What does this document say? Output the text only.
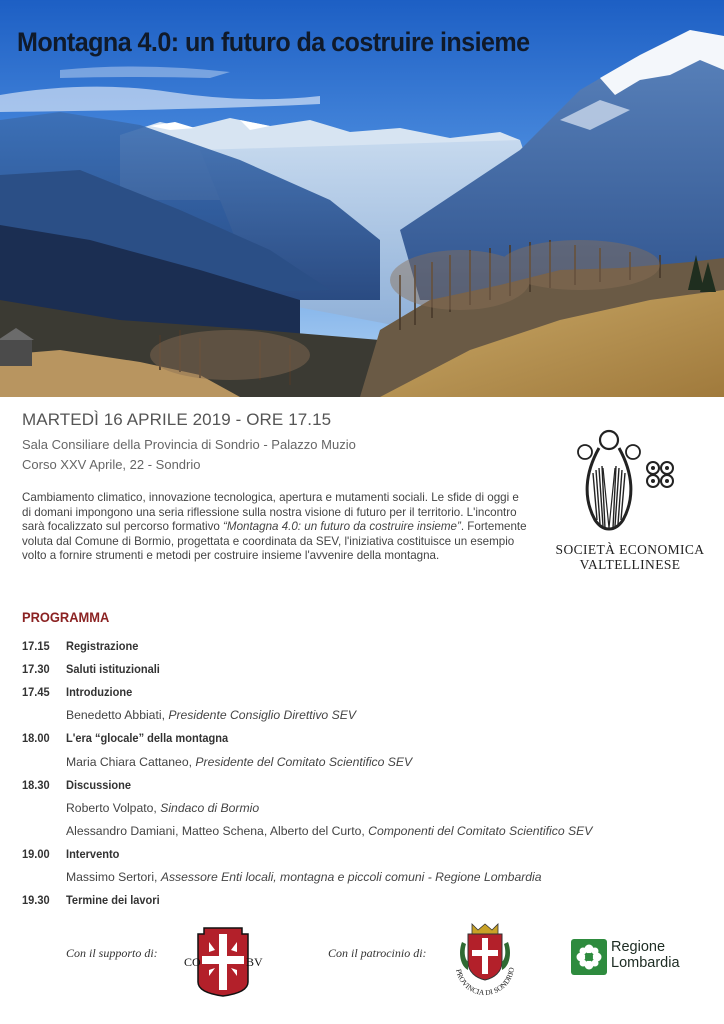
Montagna 4.0: un futuro da costruire insieme
MARTEDÌ 16 APRILE 2019 - ORE 17.15
Sala Consiliare della Provincia di Sondrio - Palazzo Muzio
Corso XXV Aprile, 22 - Sondrio

Cambiamento climatico, innovazione tecnologica, apertura e mutamenti sociali. Le sfide di oggi e di domani impongono una seria riflessione sulla nostra visione di futuro per il territorio. L'incontro sarà focalizzato sul percorso formativo “Montagna 4.0: un futuro da costruire insieme”. Fortemente voluta dal Comune di Bormio, progettata e coordinata da SEV, l'iniziativa costituisce un esempio volto a fornire strumenti e metodi per costruire insieme l'avvenire della montagna.	SOCIETÀ ECONOMICA
VALTELLINESE
PROGRAMMA
17.15 Registrazione
17.30 Saluti istituzionali
17.45 Introduzione
Benedetto Abbiati, Presidente Consiglio Direttivo SEV
18.00 L'era “glocale” della montagna
Maria Chiara Cattaneo, Presidente del Comitato Scientifico SEV
18.30 Discussione
Roberto Volpato, Sindaco di Bormio
Alessandro Damiani, Matteo Schena, Alberto del Curto, Componenti del Comitato Scientifico SEV
19.00 Intervento
Massimo Sertori, Assessore Enti locali, montagna e piccoli comuni - Regione Lombardia
19.30 Termine dei lavori
Con il supporto di:
CO	BV
Con il patrocinio di:
PROVINCIA DI SONDRIO
Regione
Lombardia
